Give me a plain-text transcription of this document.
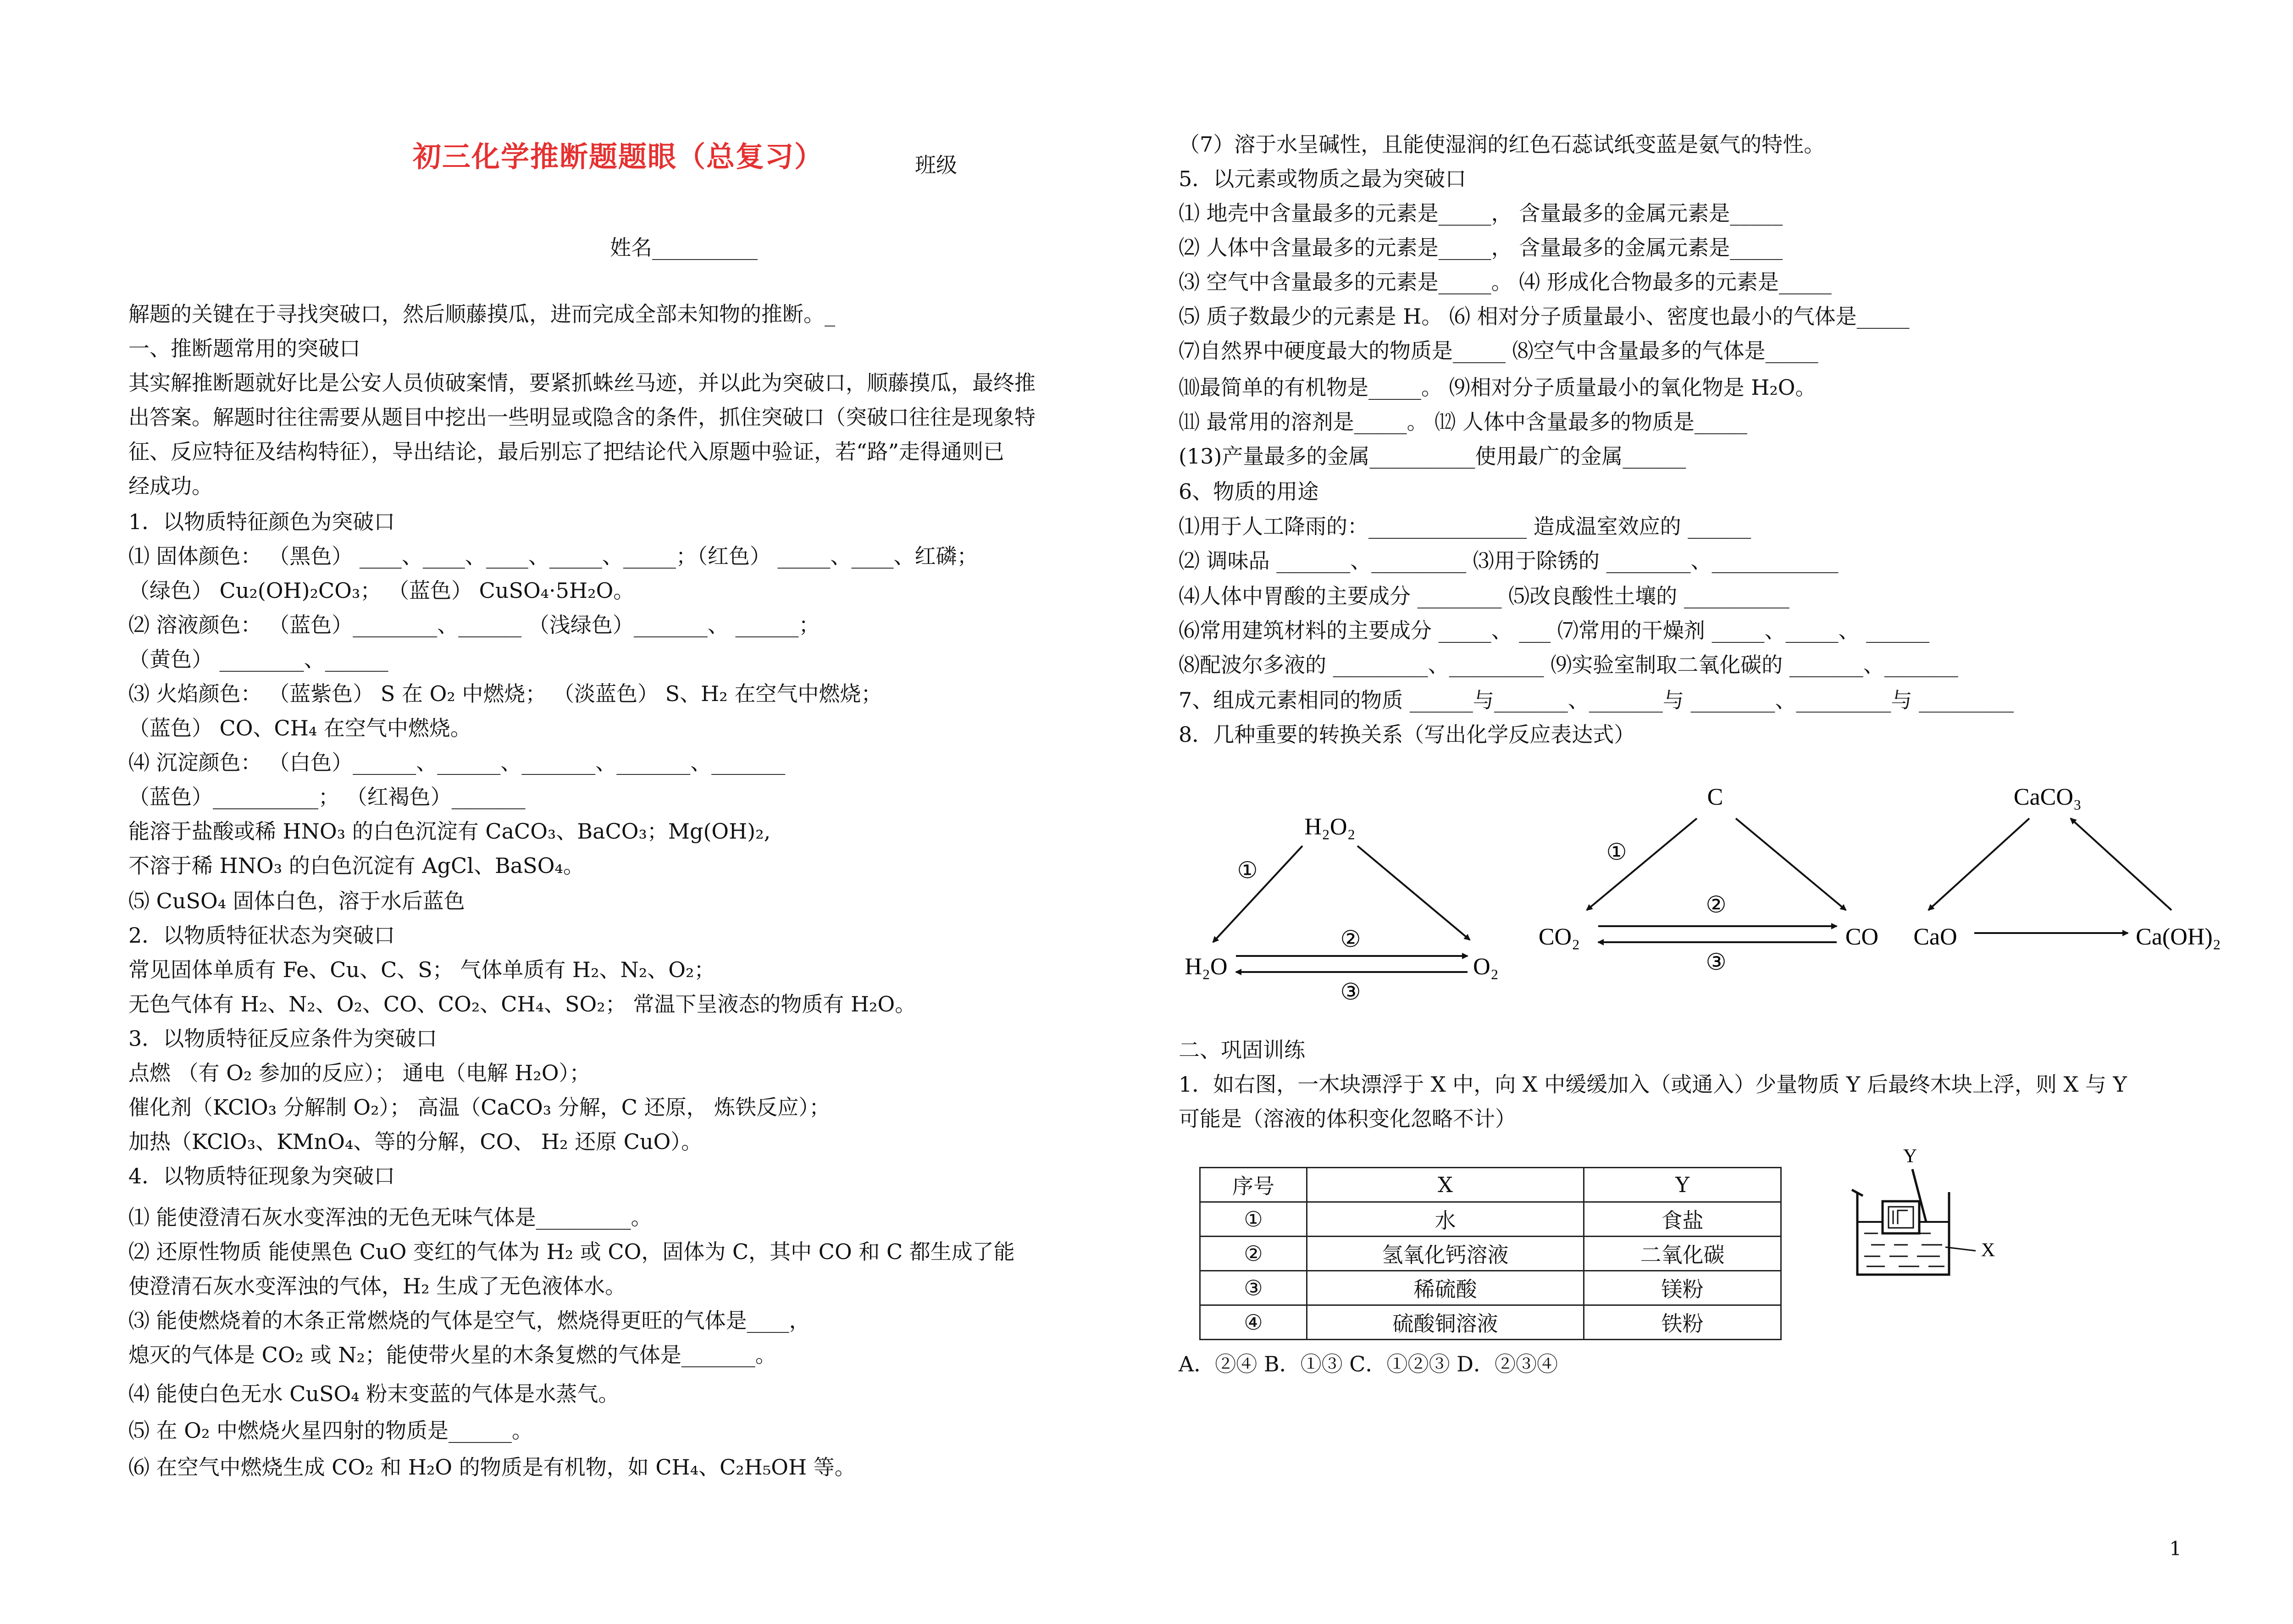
初三化学推断题题眼（总复习）	班级
姓名__________
解题的关键在于寻找突破口，然后顺藤摸瓜，进而完成全部未知物的推断。_
一、推断题常用的突破口
其实解推断题就好比是公安人员侦破案情，要紧抓蛛丝马迹，并以此为突破口，顺藤摸瓜，最终推
出答案。解题时往往需要从题目中挖出一些明显或隐含的条件，抓住突破口（突破口往往是现象特
征、反应特征及结构特征），导出结论，最后别忘了把结论代入原题中验证，若“路”走得通则已
经成功。
1．以物质特征颜色为突破口
⑴ 固体颜色： （黑色） ____、____、____、_____、_____；（红色） _____、____、红磷；
（绿色） Cu₂(OH)₂CO₃； （蓝色） CuSO₄·5H₂O。
⑵ 溶液颜色： （蓝色）________、______ （浅绿色）_______、 ______；
（黄色） ________、______
⑶ 火焰颜色： （蓝紫色） S 在 O₂ 中燃烧； （淡蓝色） S、H₂ 在空气中燃烧；
（蓝色） CO、CH₄ 在空气中燃烧。
⑷ 沉淀颜色： （白色）______、______、_______、_______、_______
（蓝色）__________； （红褐色）_______
能溶于盐酸或稀 HNO₃ 的白色沉淀有 CaCO₃、BaCO₃；Mg(OH)₂,
不溶于稀 HNO₃ 的白色沉淀有 AgCl、BaSO₄。
⑸ CuSO₄ 固体白色，溶于水后蓝色
2．以物质特征状态为突破口
常见固体单质有 Fe、Cu、C、S； 气体单质有 H₂、N₂、O₂；
无色气体有 H₂、N₂、O₂、CO、CO₂、CH₄、SO₂； 常温下呈液态的物质有 H₂O。
3．以物质特征反应条件为突破口
点燃 （有 O₂ 参加的反应）； 通电（电解 H₂O）；
催化剂（KClO₃ 分解制 O₂）； 高温（CaCO₃ 分解，C 还原， 炼铁反应）；
加热（KClO₃、KMnO₄、等的分解，CO、 H₂ 还原 CuO）。
4．以物质特征现象为突破口
⑴ 能使澄清石灰水变浑浊的无色无味气体是_________。
⑵ 还原性物质 能使黑色 CuO 变红的气体为 H₂ 或 CO，固体为 C，其中 CO 和 C 都生成了能
使澄清石灰水变浑浊的气体，H₂ 生成了无色液体水。
⑶ 能使燃烧着的木条正常燃烧的气体是空气，燃烧得更旺的气体是____，
熄灭的气体是 CO₂ 或 N₂；能使带火星的木条复燃的气体是_______。
⑷ 能使白色无水 CuSO₄ 粉末变蓝的气体是水蒸气。
⑸ 在 O₂ 中燃烧火星四射的物质是______。
⑹ 在空气中燃烧生成 CO₂ 和 H₂O 的物质是有机物，如 CH₄、C₂H₅OH 等。
（7）溶于水呈碱性，且能使湿润的红色石蕊试纸变蓝是氨气的特性。
5．以元素或物质之最为突破口
⑴ 地壳中含量最多的元素是_____， 含量最多的金属元素是_____
⑵ 人体中含量最多的元素是_____， 含量最多的金属元素是_____
⑶ 空气中含量最多的元素是_____。 ⑷ 形成化合物最多的元素是_____
⑸ 质子数最少的元素是 H。 ⑹ 相对分子质量最小、密度也最小的气体是_____
⑺自然界中硬度最大的物质是_____ ⑻空气中含量最多的气体是_____
⑽最简单的有机物是_____。 ⑼相对分子质量最小的氧化物是 H₂O。
⑾ 最常用的溶剂是_____。 ⑿ 人体中含量最多的物质是_____
(13)产量最多的金属__________使用最广的金属______
6、物质的用途
⑴用于人工降雨的：_______________ 造成温室效应的 ______
⑵ 调味品 _______、_________ ⑶用于除锈的 ________、____________
⑷人体中胃酸的主要成分 ________ ⑸改良酸性土壤的 __________
⑹常用建筑材料的主要成分 _____、 ___ ⑺常用的干燥剂 _____、_____、 ______
⑻配波尔多液的 _________、_________ ⑼实验室制取二氧化碳的 _______、_______
7、组成元素相同的物质 ______与_______、_______与 ________、_________与 _________
8．几种重要的转换关系（写出化学反应表达式）
二、巩固训练
1．如右图，一木块漂浮于 X 中，向 X 中缓缓加入（或通入）少量物质 Y 后最终木块上浮，则 X 与 Y
可能是（溶液的体积变化忽略不计）
A．②④ B．①③ C．①②③ D．②③④
H₂O₂
H₂O	O₂
①
②
③
C
CO₂	CO
①
②
③
CaCO₃
CaO	Ca(OH)₂
序号	X	Y
①	水	食盐
②	氢氧化钙溶液	二氧化碳
③	稀硫酸	镁粉
④	硫酸铜溶液	铁粉
Y
X
1
